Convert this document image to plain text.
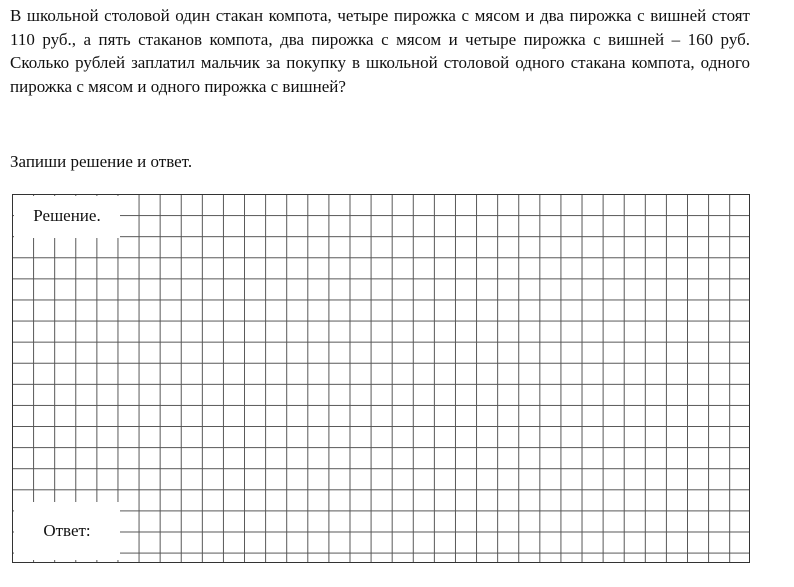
В школьной столовой один стакан компота, четыре пирожка с мясом и два пирожка с вишней стоят 110 руб., а пять стаканов компота, два пирожка с мясом и четыре пирожка с вишней – 160 руб. Сколько рублей заплатил мальчик за покупку в школьной столовой одного стакана компота, одного пирожка с мясом и одного пирожка с вишней?

Запиши решение и ответ.

Решение.
Ответ:
